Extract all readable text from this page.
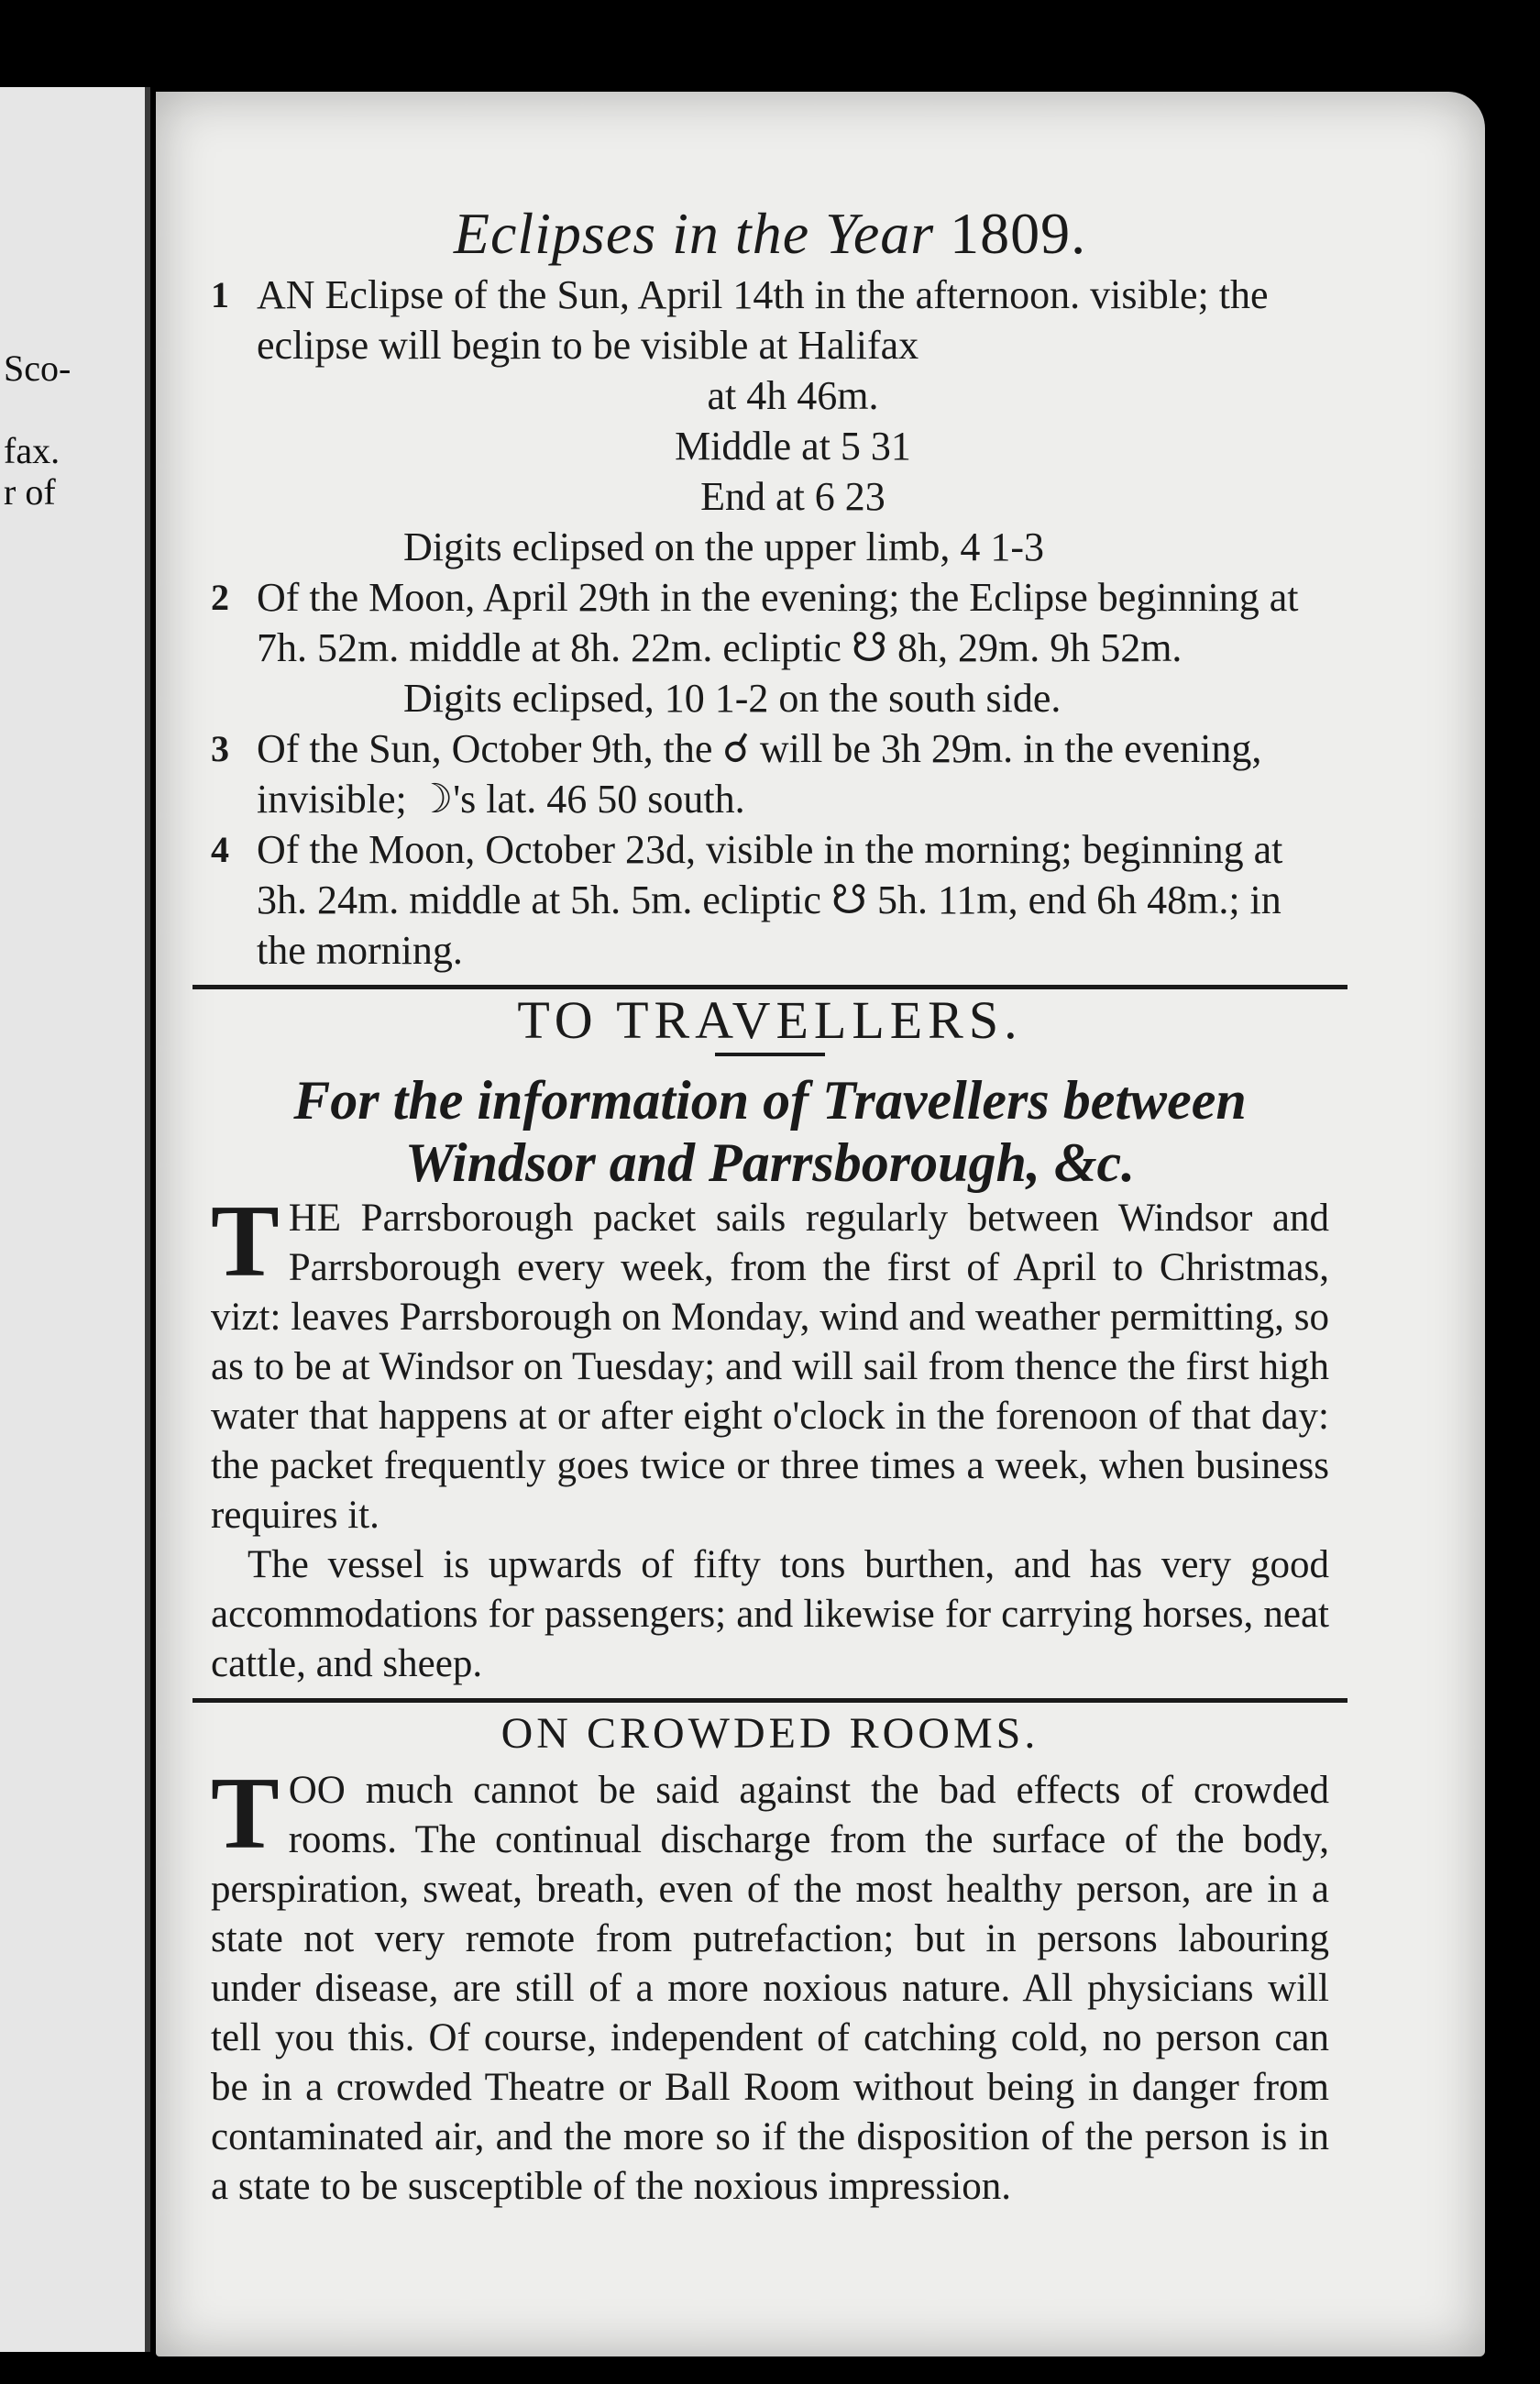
Sco-
fax.
r of
Eclipses in the Year 1809.
1 AN Eclipse of the Sun, April 14th in the afternoon. visible; the eclipse will begin to be visible at Halifax

at 4h 46m.

Middle at 5 31

End at 6 23

Digits eclipsed on the upper limb, 4 1-3

2 Of the Moon, April 29th in the evening; the Eclipse beginning at 7h. 52m. middle at 8h. 22m. ecliptic ☋ 8h, 29m. 9h 52m.

Digits eclipsed, 10 1-2 on the south side.

3 Of the Sun, October 9th, the ☌ will be 3h 29m. in the evening, invisible; ☽'s lat. 46 50 south.

4 Of the Moon, October 23d, visible in the morning; beginning at 3h. 24m. middle at 5h. 5m. ecliptic ☋ 5h. 11m, end 6h 48m.; in the morning.

TO TRAVELLERS.
For the information of Travellers between
Windsor and Parrsborough, &c.
T HE Parrsborough packet sails regularly between Windsor and Parrsborough every week, from the first of April to Christmas, vizt: leaves Parrsborough on Monday, wind and weather permitting, so as to be at Windsor on Tuesday; and will sail from thence the first high water that happens at or after eight o'clock in the forenoon of that day: the packet frequently goes twice or three times a week, when business requires it.

The vessel is upwards of fifty tons burthen, and has very good accommodations for passengers; and likewise for carrying horses, neat cattle, and sheep.

ON CROWDED ROOMS.
T OO much cannot be said against the bad effects of crowded rooms. The continual discharge from the surface of the body, perspiration, sweat, breath, even of the most healthy person, are in a state not very remote from putrefaction; but in persons labouring under disease, are still of a more noxious nature. All physicians will tell you this. Of course, independent of catching cold, no person can be in a crowded Theatre or Ball Room without being in danger from contaminated air, and the more so if the disposition of the person is in a state to be susceptible of the noxious impression.
